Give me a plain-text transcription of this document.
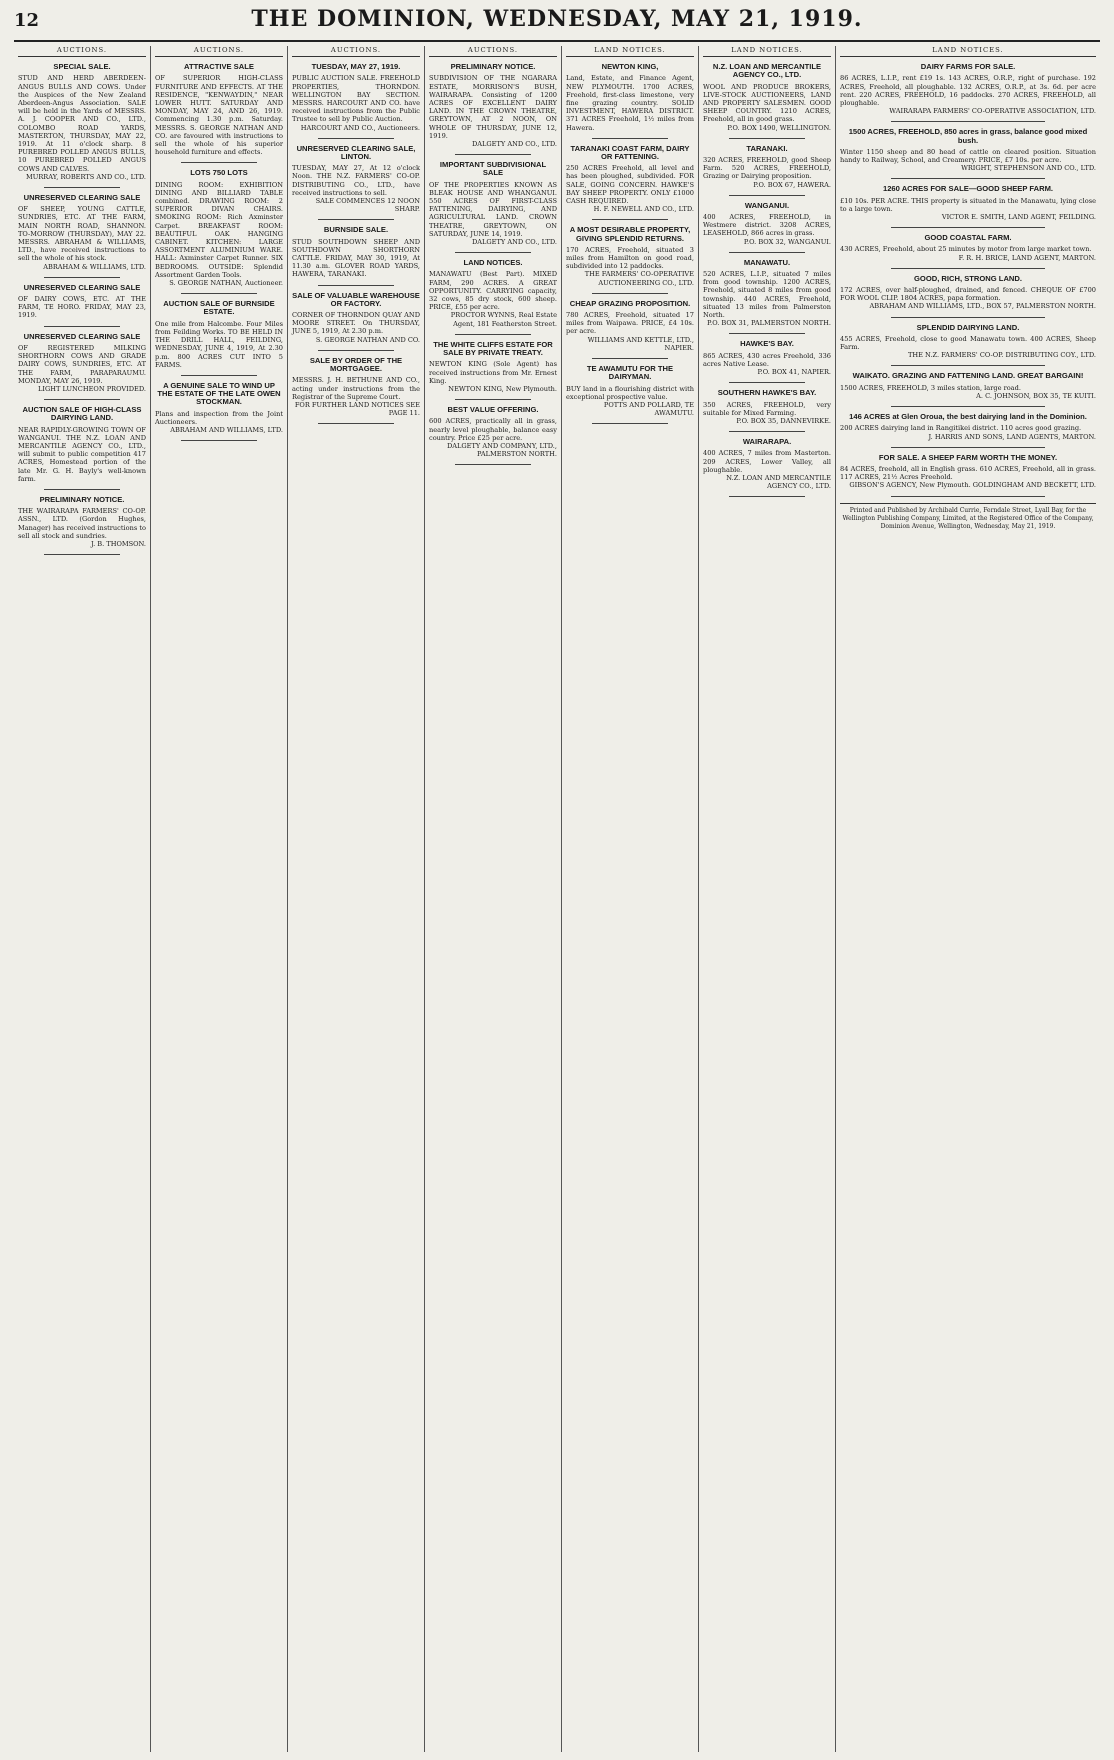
12	THE DOMINION, WEDNESDAY, MAY 21, 1919.
AUCTIONS.
SPECIAL SALE.
STUD AND HERD ABERDEEN-ANGUS BULLS AND COWS. Under the Auspices of the New Zealand Aberdeen-Angus Association. SALE will be held in the Yards of MESSRS. A. J. COOPER AND CO., LTD., COLOMBO ROAD YARDS, MASTERTON, THURSDAY, MAY 22, 1919. At 11 o'clock sharp. 8 PUREBRED POLLED ANGUS BULLS, 10 PUREBRED POLLED ANGUS COWS AND CALVES.
MURRAY, ROBERTS AND CO., LTD.
UNRESERVED CLEARING SALE
OF SHEEP, YOUNG CATTLE, SUNDRIES, ETC. AT THE FARM, MAIN NORTH ROAD, SHANNON. TO-MORROW (THURSDAY), MAY 22. MESSRS. ABRAHAM & WILLIAMS, LTD., have received instructions to sell the whole of his stock.
ABRAHAM & WILLIAMS, LTD.
UNRESERVED CLEARING SALE
OF DAIRY COWS, ETC. AT THE FARM, TE HORO. FRIDAY, MAY 23, 1919.
UNRESERVED CLEARING SALE
OF REGISTERED MILKING SHORTHORN COWS AND GRADE DAIRY COWS, SUNDRIES, ETC. AT THE FARM, PARAPARAUMU. MONDAY, MAY 26, 1919.
LIGHT LUNCHEON PROVIDED.
AUCTION SALE OF HIGH-CLASS DAIRYING LAND.
NEAR RAPIDLY-GROWING TOWN OF WANGANUI. THE N.Z. LOAN AND MERCANTILE AGENCY CO., LTD., will submit to public competition 417 ACRES, Homestead portion of the late Mr. G. H. Bayly's well-known farm.
PRELIMINARY NOTICE.
THE WAIRARAPA FARMERS' CO-OP. ASSN., LTD. (Gordon Hughes, Manager) has received instructions to sell all stock and sundries.
J. B. THOMSON.
AUCTIONS.
ATTRACTIVE SALE
OF SUPERIOR HIGH-CLASS FURNITURE AND EFFECTS. AT THE RESIDENCE, "KENWAYDIN," NEAR LOWER HUTT. SATURDAY AND MONDAY, MAY 24, AND 26, 1919. Commencing 1.30 p.m. Saturday. MESSRS. S. GEORGE NATHAN AND CO. are favoured with instructions to sell the whole of his superior household furniture and effects.
LOTS 750 LOTS
DINING ROOM: EXHIBITION DINING AND BILLIARD TABLE combined. DRAWING ROOM: 2 SUPERIOR DIVAN CHAIRS. SMOKING ROOM: Rich Axminster Carpet. BREAKFAST ROOM: BEAUTIFUL OAK HANGING CABINET. KITCHEN: LARGE ASSORTMENT ALUMINIUM WARE. HALL: Axminster Carpet Runner. SIX BEDROOMS. OUTSIDE: Splendid Assortment Garden Tools.
S. GEORGE NATHAN, Auctioneer.
AUCTION SALE OF BURNSIDE ESTATE.
One mile from Halcombe. Four Miles from Feilding Works. TO BE HELD IN THE DRILL HALL, FEILDING, WEDNESDAY, JUNE 4, 1919, At 2.30 p.m. 800 ACRES CUT INTO 5 FARMS.
A GENUINE SALE TO WIND UP THE ESTATE OF THE LATE OWEN STOCKMAN.
Plans and inspection from the Joint Auctioneers.
ABRAHAM AND WILLIAMS, LTD.
AUCTIONS.
TUESDAY, MAY 27, 1919.
PUBLIC AUCTION SALE. FREEHOLD PROPERTIES, THORNDON. WELLINGTON BAY SECTION. MESSRS. HARCOURT AND CO. have received instructions from the Public Trustee to sell by Public Auction.
HARCOURT AND CO., Auctioneers.
UNRESERVED CLEARING SALE, LINTON.
TUESDAY, MAY 27, At 12 o'clock Noon. THE N.Z. FARMERS' CO-OP. DISTRIBUTING CO., LTD., have received instructions to sell.
SALE COMMENCES 12 NOON SHARP.
BURNSIDE SALE.
STUD SOUTHDOWN SHEEP AND SOUTHDOWN SHORTHORN CATTLE. FRIDAY, MAY 30, 1919, At 11.30 a.m. GLOVER ROAD YARDS, HAWERA, TARANAKI.
SALE OF VALUABLE WAREHOUSE OR FACTORY.
CORNER OF THORNDON QUAY AND MOORE STREET. On THURSDAY, JUNE 5, 1919, At 2.30 p.m.
S. GEORGE NATHAN AND CO.
SALE BY ORDER OF THE MORTGAGEE.
MESSRS. J. H. BETHUNE AND CO., acting under instructions from the Registrar of the Supreme Court.
FOR FURTHER LAND NOTICES SEE PAGE 11.
AUCTIONS.
PRELIMINARY NOTICE.
SUBDIVISION OF THE NGARARA ESTATE, MORRISON'S BUSH, WAIRARAPA. Consisting of 1200 ACRES OF EXCELLENT DAIRY LAND. IN THE CROWN THEATRE, GREYTOWN, AT 2 NOON, ON WHOLE OF THURSDAY, JUNE 12, 1919.
DALGETY AND CO., LTD.
IMPORTANT SUBDIVISIONAL SALE
OF THE PROPERTIES KNOWN AS BLEAK HOUSE AND WHANGANUI. 550 ACRES OF FIRST-CLASS FATTENING, DAIRYING, AND AGRICULTURAL LAND. CROWN THEATRE, GREYTOWN, ON SATURDAY, JUNE 14, 1919.
DALGETY AND CO., LTD.
LAND NOTICES.
MANAWATU (Best Part). MIXED FARM, 290 ACRES. A GREAT OPPORTUNITY. CARRYING capacity, 32 cows, 85 dry stock, 600 sheep. PRICE, £55 per acre.
PROCTOR WYNNS, Real Estate Agent, 181 Featherston Street.
THE WHITE CLIFFS ESTATE FOR SALE BY PRIVATE TREATY.
NEWTON KING (Sole Agent) has received instructions from Mr. Ernest King.
NEWTON KING, New Plymouth.
BEST VALUE OFFERING.
600 ACRES, practically all in grass, nearly level ploughable, balance easy country. Price £25 per acre.
DALGETY AND COMPANY, LTD., PALMERSTON NORTH.
LAND NOTICES.
NEWTON KING,
Land, Estate, and Finance Agent, NEW PLYMOUTH. 1700 ACRES, Freehold, first-class limestone, very fine grazing country. SOLID INVESTMENT, HAWERA DISTRICT. 371 ACRES Freehold, 1½ miles from Hawera.
TARANAKI COAST FARM, DAIRY OR FATTENING.
250 ACRES Freehold, all level and has been ploughed, subdivided. FOR SALE, GOING CONCERN. HAWKE'S BAY SHEEP PROPERTY. ONLY £1000 CASH REQUIRED.
H. F. NEWELL AND CO., LTD.
A MOST DESIRABLE PROPERTY, GIVING SPLENDID RETURNS.
170 ACRES, Freehold, situated 3 miles from Hamilton on good road, subdivided into 12 paddocks.
THE FARMERS' CO-OPERATIVE AUCTIONEERING CO., LTD.
CHEAP GRAZING PROPOSITION.
780 ACRES, Freehold, situated 17 miles from Waipawa. PRICE, £4 10s. per acre.
WILLIAMS AND KETTLE, LTD., NAPIER.
TE AWAMUTU FOR THE DAIRYMAN.
BUY land in a flourishing district with exceptional prospective value.
POTTS AND POLLARD, TE AWAMUTU.
LAND NOTICES.
N.Z. LOAN AND MERCANTILE AGENCY CO., LTD.
WOOL AND PRODUCE BROKERS, LIVE-STOCK AUCTIONEERS, LAND AND PROPERTY SALESMEN. GOOD SHEEP COUNTRY. 1210 ACRES, Freehold, all in good grass.
P.O. BOX 1490, WELLINGTON.
TARANAKI.
320 ACRES, FREEHOLD, good Sheep Farm. 520 ACRES, FREEHOLD, Grazing or Dairying proposition.
P.O. BOX 67, HAWERA.
WANGANUI.
400 ACRES, FREEHOLD, in Westmere district. 3208 ACRES, LEASEHOLD, 866 acres in grass.
P.O. BOX 32, WANGANUI.
MANAWATU.
520 ACRES, L.I.P., situated 7 miles from good township. 1200 ACRES, Freehold, situated 8 miles from good township. 440 ACRES, Freehold, situated 13 miles from Palmerston North.
P.O. BOX 31, PALMERSTON NORTH.
HAWKE'S BAY.
865 ACRES, 430 acres Freehold, 336 acres Native Lease.
P.O. BOX 41, NAPIER.
SOUTHERN HAWKE'S BAY.
350 ACRES, FREEHOLD, very suitable for Mixed Farming.
P.O. BOX 35, DANNEVIRKE.
WAIRARAPA.
400 ACRES, 7 miles from Masterton. 209 ACRES, Lower Valley, all ploughable.
N.Z. LOAN AND MERCANTILE AGENCY CO., LTD.
LAND NOTICES.
DAIRY FARMS FOR SALE.
86 ACRES, L.I.P., rent £19 1s. 143 ACRES, O.R.P., right of purchase. 192 ACRES, Freehold, all ploughable. 132 ACRES, O.R.P., at 3s. 6d. per acre rent. 220 ACRES, FREEHOLD, 16 paddocks. 270 ACRES, FREEHOLD, all ploughable.
WAIRARAPA FARMERS' CO-OPERATIVE ASSOCIATION, LTD.
1500 ACRES, FREEHOLD, 850 acres in grass, balance good mixed bush.
Winter 1150 sheep and 80 head of cattle on cleared position. Situation handy to Railway, School, and Creamery. PRICE, £7 10s. per acre.
WRIGHT, STEPHENSON AND CO., LTD.
1260 ACRES FOR SALE—GOOD SHEEP FARM.
£10 10s. PER ACRE. THIS property is situated in the Manawatu, lying close to a large town.
VICTOR E. SMITH, LAND AGENT, FEILDING.
GOOD COASTAL FARM.
430 ACRES, Freehold, about 25 minutes by motor from large market town.
F. R. H. BRICE, LAND AGENT, MARTON.
GOOD, RICH, STRONG LAND.
172 ACRES, over half-ploughed, drained, and fenced. CHEQUE OF £700 FOR WOOL CLIP. 1804 ACRES, papa formation.
ABRAHAM AND WILLIAMS, LTD., BOX 57, PALMERSTON NORTH.
SPLENDID DAIRYING LAND.
455 ACRES, Freehold, close to good Manawatu town. 400 ACRES, Sheep Farm.
THE N.Z. FARMERS' CO-OP. DISTRIBUTING COY., LTD.
WAIKATO. GRAZING AND FATTENING LAND. GREAT BARGAIN!
1500 ACRES, FREEHOLD, 3 miles station, large road.
A. C. JOHNSON, BOX 35, TE KUITI.
146 ACRES at Glen Oroua, the best dairying land in the Dominion.
200 ACRES dairying land in Rangitikei district. 110 acres good grazing.
J. HARRIS AND SONS, LAND AGENTS, MARTON.
FOR SALE. A SHEEP FARM WORTH THE MONEY.
84 ACRES, freehold, all in English grass. 610 ACRES, Freehold, all in grass. 117 ACRES, 21½ Acres Freehold.
GIBSON'S AGENCY, New Plymouth. GOLDINGHAM AND BECKETT, LTD.
Printed and Published by Archibald Currie, Ferndale Street, Lyall Bay, for the Wellington Publishing Company, Limited, at the Registered Office of the Company, Dominion Avenue, Wellington, Wednesday, May 21, 1919.
